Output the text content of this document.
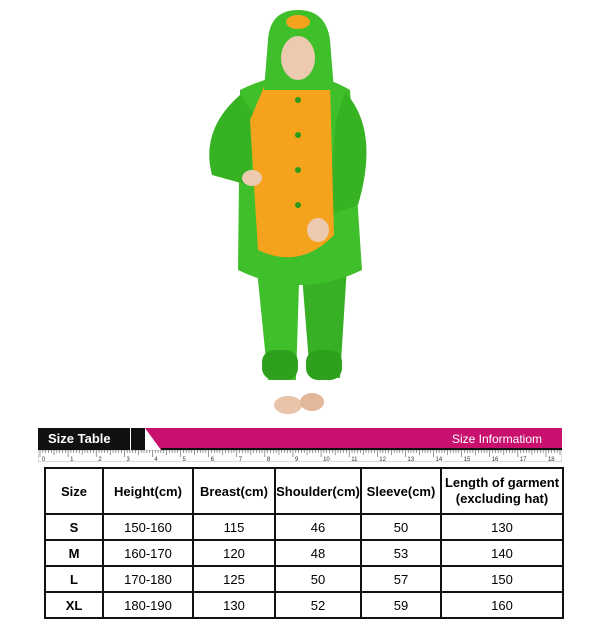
Size Table	Size Informatiom
0	1	2	3	4	5	6	7	8	9	10	11	12	13	14	15	16	17	18
Size	Height(cm)	Breast(cm)	Shoulder(cm)	Sleeve(cm)	Length of garment
(excluding hat)

S	150-160	115	46	50	130
M	160-170	120	48	53	140
L	170-180	125	50	57	150
XL	180-190	130	52	59	160
